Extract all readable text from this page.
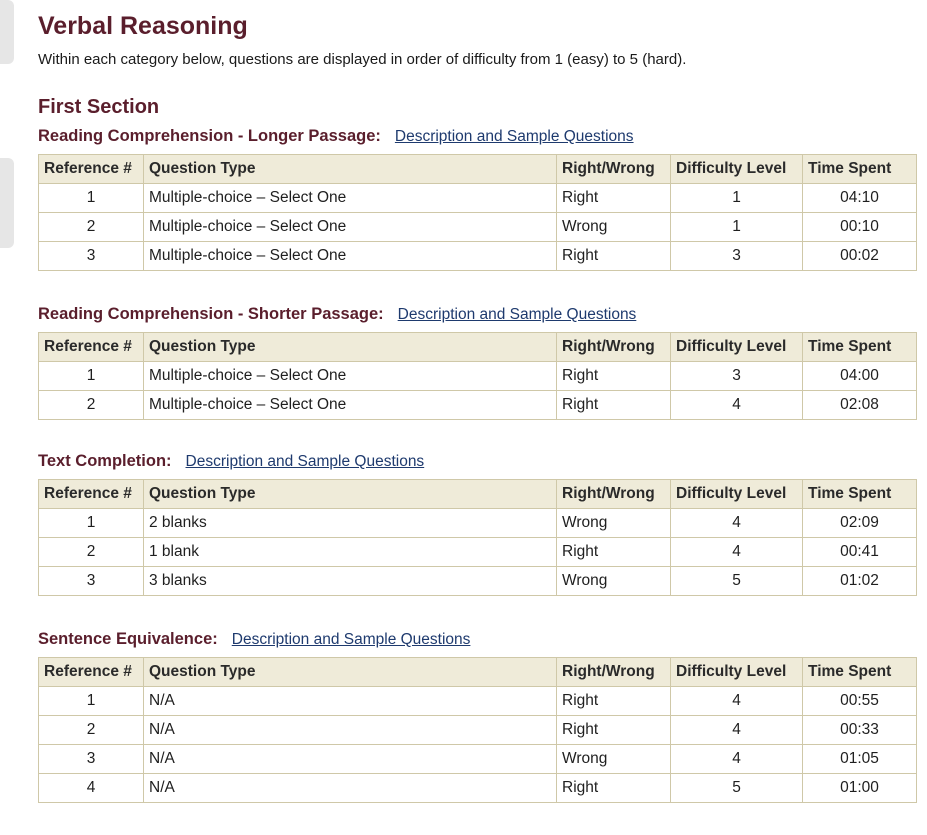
Verbal Reasoning

Within each category below, questions are displayed in order of difficulty from 1 (easy) to 5 (hard).

First Section
Reading Comprehension - Longer Passage: Description and Sample Questions
Reference #	Question Type	Right/Wrong	Difficulty Level	Time Spent
1	Multiple-choice – Select One	Right	1	04:10
2	Multiple-choice – Select One	Wrong	1	00:10
3	Multiple-choice – Select One	Right	3	00:02
Reading Comprehension - Shorter Passage: Description and Sample Questions
Reference #	Question Type	Right/Wrong	Difficulty Level	Time Spent
1	Multiple-choice – Select One	Right	3	04:00
2	Multiple-choice – Select One	Right	4	02:08
Text Completion: Description and Sample Questions
Reference #	Question Type	Right/Wrong	Difficulty Level	Time Spent
1	2 blanks	Wrong	4	02:09
2	1 blank	Right	4	00:41
3	3 blanks	Wrong	5	01:02
Sentence Equivalence: Description and Sample Questions
Reference #	Question Type	Right/Wrong	Difficulty Level	Time Spent
1	N/A	Right	4	00:55
2	N/A	Right	4	00:33
3	N/A	Wrong	4	01:05
4	N/A	Right	5	01:00
